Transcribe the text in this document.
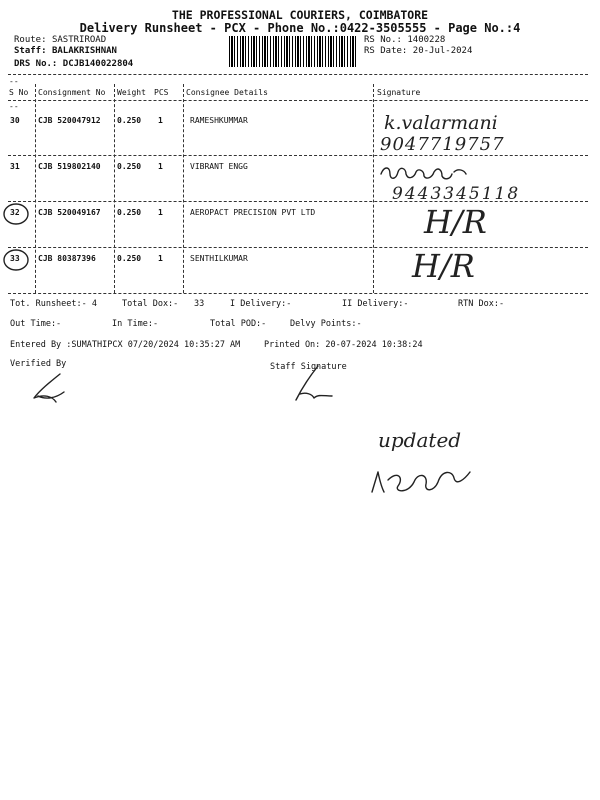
THE PROFESSIONAL COURIERS, COIMBATORE
Delivery Runsheet - PCX - Phone No.:0422-3505555 - Page No.:4
Route: SASTRIROAD
Staff: BALAKRISHNAN
DRS No.: DCJB140022804
RS No.: 1400228
RS Date: 20-Jul-2024
--
S No Consignment No Weight PCS Consignee Details	Signature
--
30 CJB 520047912 0.250 1	RAMESHKUMMAR	k.valarmani
9047719757
31 CJB 519802140 0.250 1	VIBRANT ENGG
9443345118
32 CJB 520049167 0.250 1	AEROPACT PRECISION PVT LTD	H/R
33 CJB 80387396	0.250 1	SENTHILKUMAR	H/R
Tot. Runsheet:- 4	Total Dox:- 33	I Delivery:-	II Delivery:-	RTN Dox:-
Out Time:-	In Time:-	Total POD:-	Delvy Points:-
Entered By :SUMATHIPCX 07/20/2024 10:35:27 AM	Printed On: 20-07-2024 10:38:24
Verified By	Staff Signature
updated
